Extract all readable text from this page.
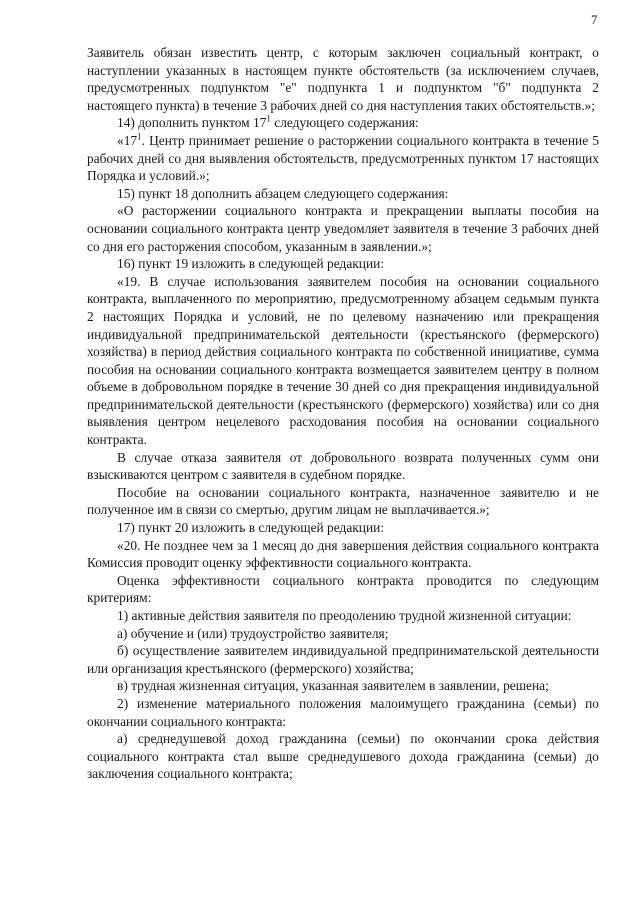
7

Заявитель обязан известить центр, с которым заключен социальный контракт, о наступлении указанных в настоящем пункте обстоятельств (за исключением случаев, предусмотренных подпунктом "е" подпункта 1 и подпунктом "б" подпункта 2 настоящего пункта) в течение 3 рабочих дней со дня наступления таких обстоятельств.»;

14) дополнить пунктом $17^1$ следующего содержания:

«$17^1$. Центр принимает решение о расторжении социального контракта в течение 5 рабочих дней со дня выявления обстоятельств, предусмотренных пунктом 17 настоящих Порядка и условий.»;

15) пункт 18 дополнить абзацем следующего содержания:

«О расторжении социального контракта и прекращении выплаты пособия на основании социального контракта центр уведомляет заявителя в течение 3 рабочих дней со дня его расторжения способом, указанным в заявлении.»;

16) пункт 19 изложить в следующей редакции:

«19. В случае использования заявителем пособия на основании социального контракта, выплаченного по мероприятию, предусмотренному абзацем седьмым пункта 2 настоящих Порядка и условий, не по целевому назначению или прекращения индивидуальной предпринимательской деятельности (крестьянского (фермерского) хозяйства) в период действия социального контракта по собственной инициативе, сумма пособия на основании социального контракта возмещается заявителем центру в полном объеме в добровольном порядке в течение 30 дней со дня прекращения индивидуальной предпринимательской деятельности (крестьянского (фермерского) хозяйства) или со дня выявления центром нецелевого расходования пособия на основании социального контракта.

В случае отказа заявителя от добровольного возврата полученных сумм они взыскиваются центром с заявителя в судебном порядке.

Пособие на основании социального контракта, назначенное заявителю и не полученное им в связи со смертью, другим лицам не выплачивается.»;

17) пункт 20 изложить в следующей редакции:

«20. Не позднее чем за 1 месяц до дня завершения действия социального контракта Комиссия проводит оценку эффективности социального контракта.

Оценка эффективности социального контракта проводится по следующим критериям:

1) активные действия заявителя по преодолению трудной жизненной ситуации:

а) обучение и (или) трудоустройство заявителя;

б) осуществление заявителем индивидуальной предпринимательской деятельности или организация крестьянского (фермерского) хозяйства;

в) трудная жизненная ситуация, указанная заявителем в заявлении, решена;

2) изменение материального положения малоимущего гражданина (семьи) по окончании социального контракта:

а) среднедушевой доход гражданина (семьи) по окончании срока действия социального контракта стал выше среднедушевого дохода гражданина (семьи) до заключения социального контракта;
